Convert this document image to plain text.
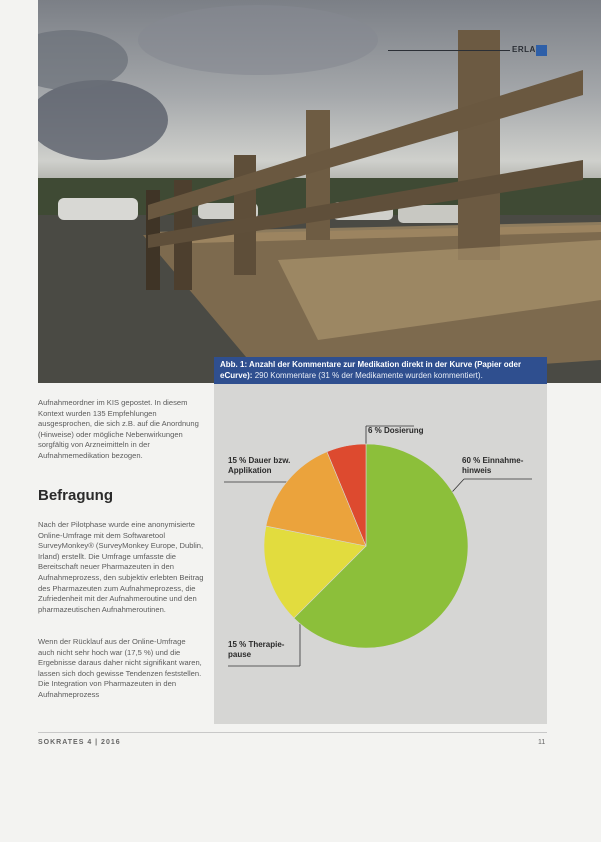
ERLA
Abb. 1: Anzahl der Kommentare zur Medikation direkt in der Kurve (Papier oder eCurve): 290 Kommentare (31 % der Medikamente wurden kommentiert).
6 % Dosierung
15 % Dauer bzw. Applikation
60 % Einnahme-hinweis
15 % Therapie-pause
Aufnahmeordner im KIS gepostet. In diesem Kontext wurden 135 Empfehlungen ausgesprochen, die sich z.B. auf die Anordnung (Hinweise) oder mögliche Nebenwirkungen sorgfältig von Arzneimitteln in der Aufnahmemedikation bezogen.
Befragung
Nach der Pilotphase wurde eine anonymisierte Online-Umfrage mit dem Softwaretool SurveyMonkey® (SurveyMonkey Europe, Dublin, Irland) erstellt. Die Umfrage umfasste die Bereitschaft neuer Pharmazeuten in den Aufnahmeprozess, den subjektiv erlebten Beitrag des Pharmazeuten zum Aufnahmeprozess, die Zufriedenheit mit der Aufnahmeroutine und den pharmazeutischen Aufnahmeroutinen.
Wenn der Rücklauf aus der Online-Umfrage auch nicht sehr hoch war (17,5 %) und die Ergebnisse daraus daher nicht signifikant waren, lassen sich doch gewisse Tendenzen feststellen. Die Integration von Pharmazeuten in den Aufnahmeprozess
SOKRATES 4 | 2016	11
